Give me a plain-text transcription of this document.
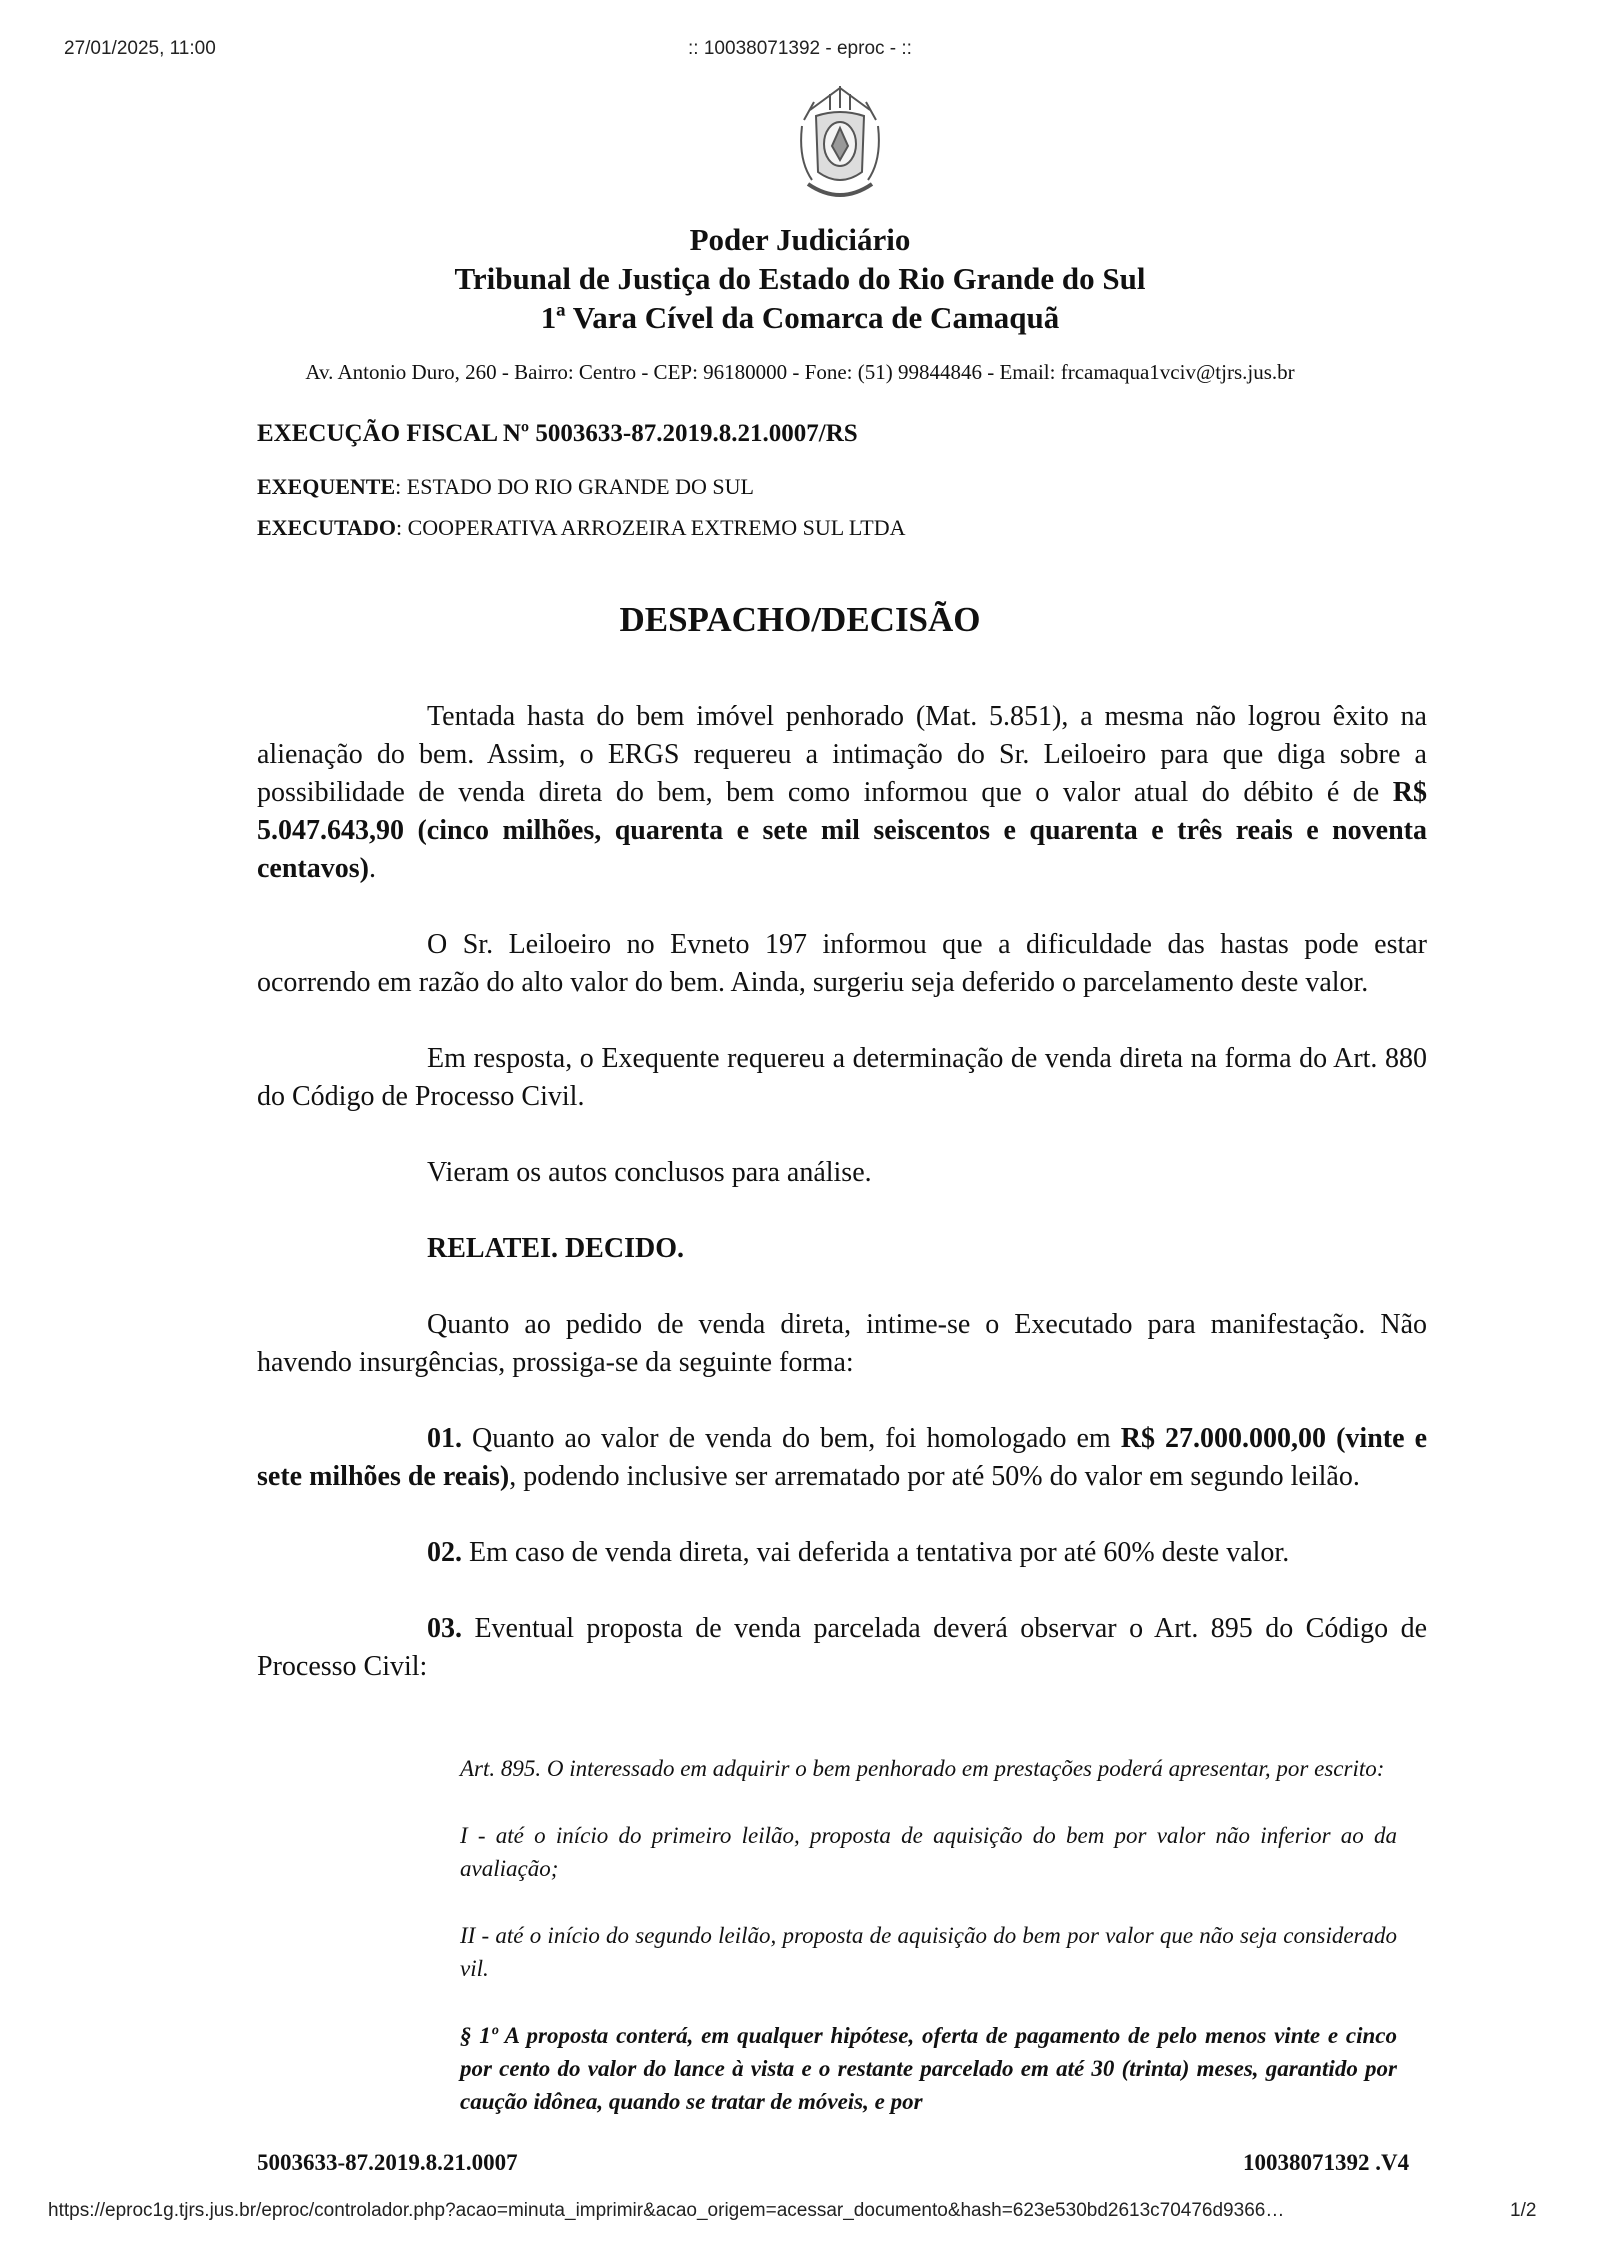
27/01/2025, 11:00	:: 10038071392 - eproc - ::
Poder Judiciário
Tribunal de Justiça do Estado do Rio Grande do Sul
1ª Vara Cível da Comarca de Camaquã
Av. Antonio Duro, 260 - Bairro: Centro - CEP: 96180000 - Fone: (51) 99844846 - Email: frcamaqua1vciv@tjrs.jus.br
EXECUÇÃO FISCAL Nº 5003633-87.2019.8.21.0007/RS
EXEQUENTE: ESTADO DO RIO GRANDE DO SUL
EXECUTADO: COOPERATIVA ARROZEIRA EXTREMO SUL LTDA
DESPACHO/DECISÃO

Tentada hasta do bem imóvel penhorado (Mat. 5.851), a mesma não logrou êxito na alienação do bem. Assim, o ERGS requereu a intimação do Sr. Leiloeiro para que diga sobre a possibilidade de venda direta do bem, bem como informou que o valor atual do débito é de R$ 5.047.643,90 (cinco milhões, quarenta e sete mil seiscentos e quarenta e três reais e noventa centavos).

O Sr. Leiloeiro no Evneto 197 informou que a dificuldade das hastas pode estar ocorrendo em razão do alto valor do bem. Ainda, surgeriu seja deferido o parcelamento deste valor.

Em resposta, o Exequente requereu a determinação de venda direta na forma do Art. 880 do Código de Processo Civil.

Vieram os autos conclusos para análise.

RELATEI. DECIDO.

Quanto ao pedido de venda direta, intime-se o Executado para manifestação. Não havendo insurgências, prossiga-se da seguinte forma:

01. Quanto ao valor de venda do bem, foi homologado em R$ 27.000.000,00 (vinte e sete milhões de reais), podendo inclusive ser arrematado por até 50% do valor em segundo leilão.

02. Em caso de venda direta, vai deferida a tentativa por até 60% deste valor.

03. Eventual proposta de venda parcelada deverá observar o Art. 895 do Código de Processo Civil:

Art. 895. O interessado em adquirir o bem penhorado em prestações poderá apresentar, por escrito:

I - até o início do primeiro leilão, proposta de aquisição do bem por valor não inferior ao da avaliação;

II - até o início do segundo leilão, proposta de aquisição do bem por valor que não seja considerado vil.

§ 1º A proposta conterá, em qualquer hipótese, oferta de pagamento de pelo menos vinte e cinco por cento do valor do lance à vista e o restante parcelado em até 30 (trinta) meses, garantido por caução idônea, quando se tratar de móveis, e por

5003633-87.2019.8.21.0007	10038071392 .V4
https://eproc1g.tjrs.jus.br/eproc/controlador.php?acao=minuta_imprimir&acao_origem=acessar_documento&hash=623e530bd2613c70476d9366…	1/2
